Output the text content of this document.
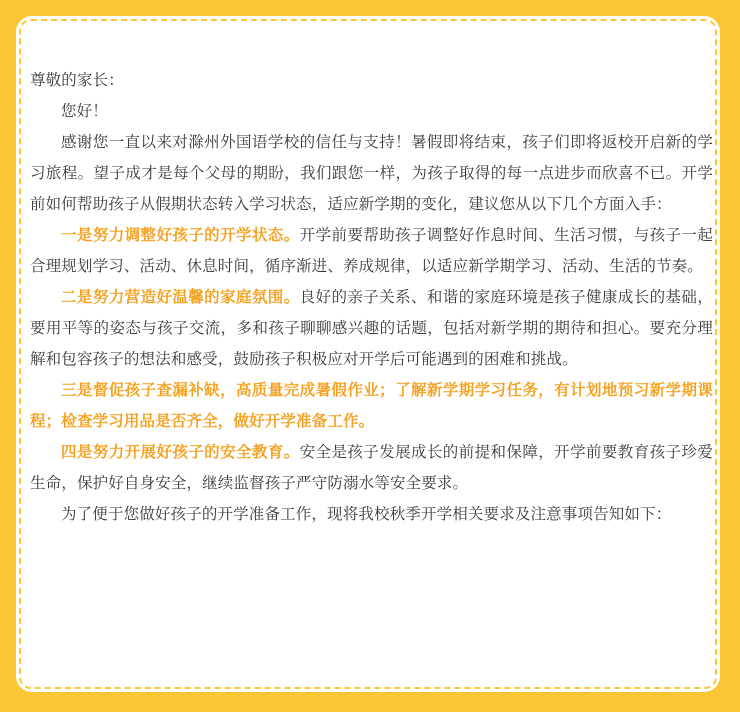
尊敬的家长：

您好！

感谢您一直以来对滁州外国语学校的信任与支持！暑假即将结束，孩子们即将返校开启新的学习旅程。望子成才是每个父母的期盼，我们跟您一样，为孩子取得的每一点进步而欣喜不已。开学前如何帮助孩子从假期状态转入学习状态，适应新学期的变化，建议您从以下几个方面入手：

一是努力调整好孩子的开学状态。开学前要帮助孩子调整好作息时间、生活习惯，与孩子一起合理规划学习、活动、休息时间，循序渐进、养成规律，以适应新学期学习、活动、生活的节奏。

二是努力营造好温馨的家庭氛围。良好的亲子关系、和谐的家庭环境是孩子健康成长的基础，要用平等的姿态与孩子交流，多和孩子聊聊感兴趣的话题，包括对新学期的期待和担心。要充分理解和包容孩子的想法和感受，鼓励孩子积极应对开学后可能遇到的困难和挑战。

三是督促孩子查漏补缺，高质量完成暑假作业；了解新学期学习任务，有计划地预习新学期课程；检查学习用品是否齐全，做好开学准备工作。

四是努力开展好孩子的安全教育。安全是孩子发展成长的前提和保障，开学前要教育孩子珍爱生命，保护好自身安全，继续监督孩子严守防溺水等安全要求。

为了便于您做好孩子的开学准备工作，现将我校秋季开学相关要求及注意事项告知如下：
